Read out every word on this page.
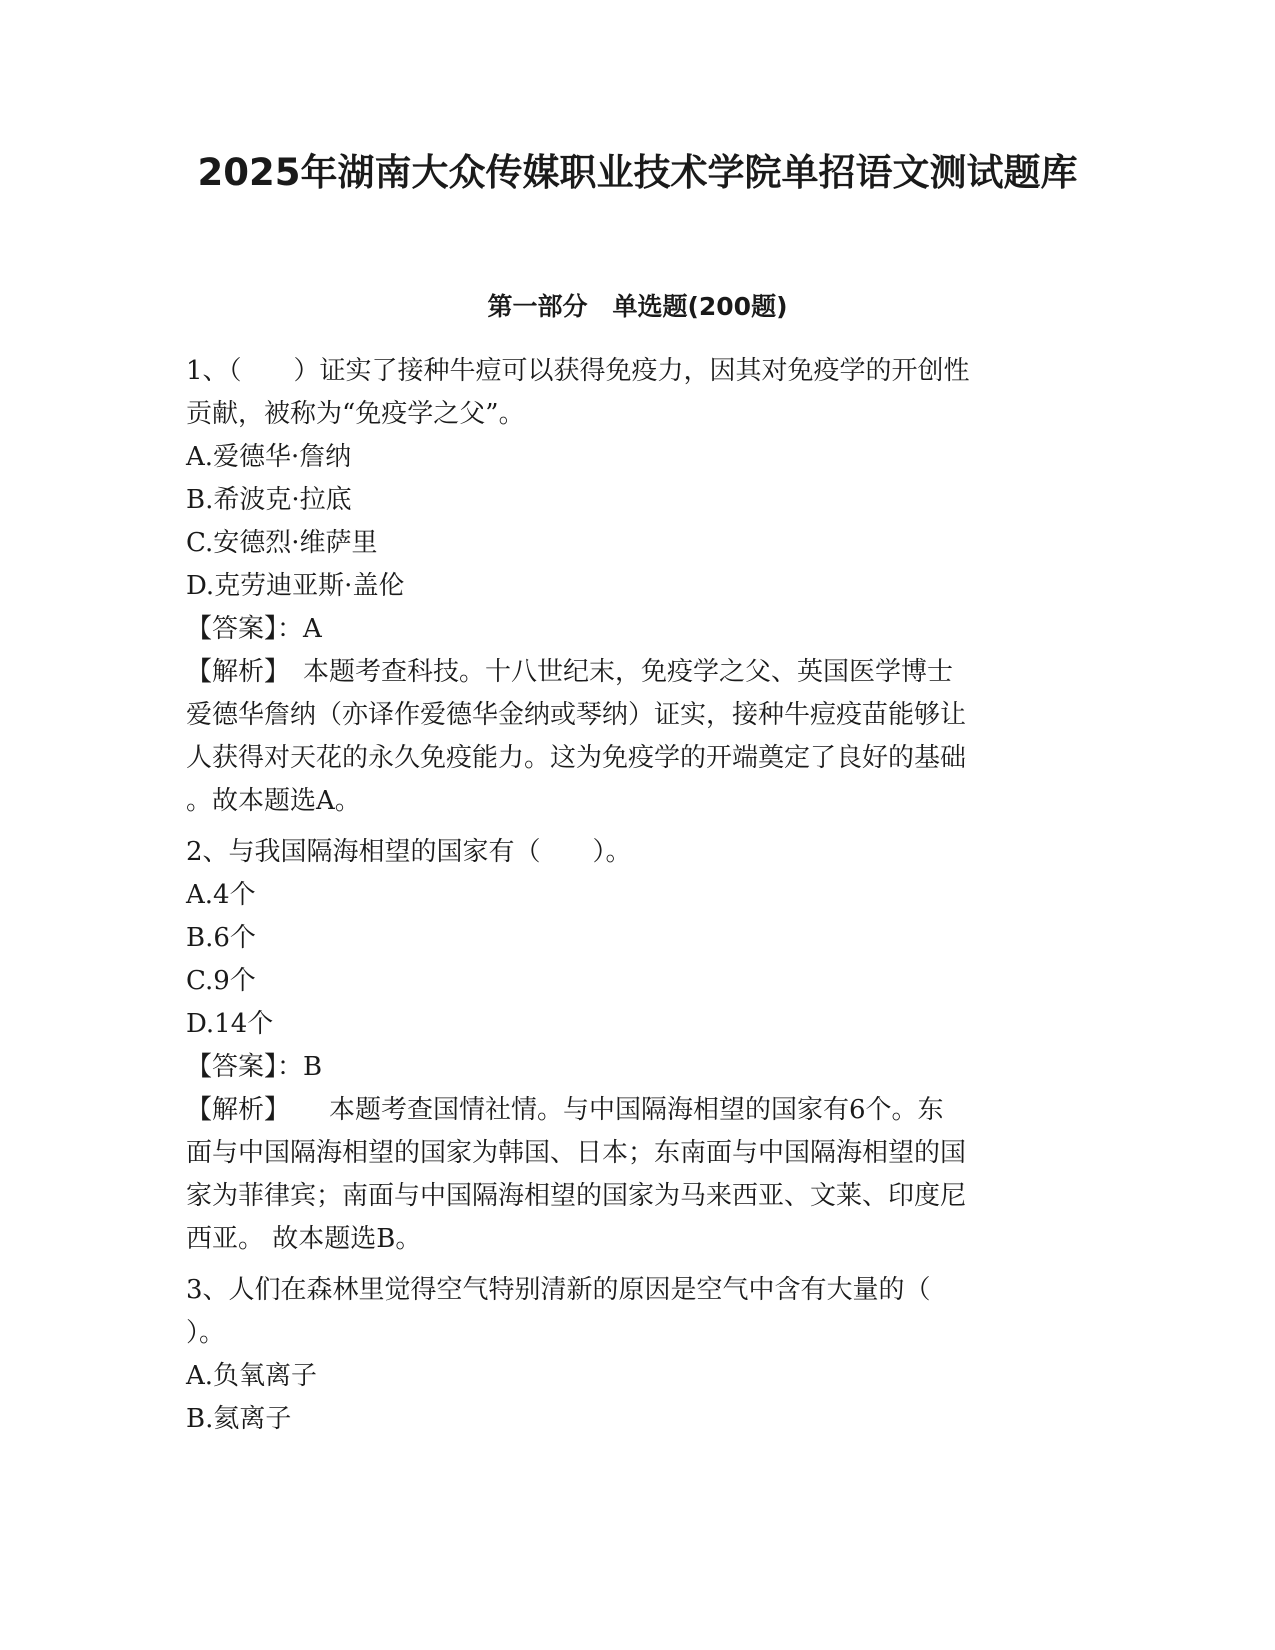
2025年湖南大众传媒职业技术学院单招语文测试题库
第一部分　单选题(200题)

1、（　　）证实了接种牛痘可以获得免疫力，因其对免疫学的开创性

贡献，被称为“免疫学之父”。

A.爱德华·詹纳

B.希波克·拉底

C.安德烈·维萨里

D.克劳迪亚斯·盖伦

【答案】：A

【解析】　本题考查科技。十八世纪末，免疫学之父、英国医学博士

爱德华詹纳（亦译作爱德华金纳或琴纳）证实，接种牛痘疫苗能够让

人获得对天花的永久免疫能力。这为免疫学的开端奠定了良好的基础

。故本题选A。

2、与我国隔海相望的国家有（　　）。

A.4个

B.6个

C.9个

D.14个

【答案】：B

【解析】　　本题考查国情社情。与中国隔海相望的国家有6个。东

面与中国隔海相望的国家为韩国、日本；东南面与中国隔海相望的国

家为菲律宾；南面与中国隔海相望的国家为马来西亚、文莱、印度尼

西亚。 故本题选B。

3、人们在森林里觉得空气特别清新的原因是空气中含有大量的（

）。

A.负氧离子

B.氦离子
